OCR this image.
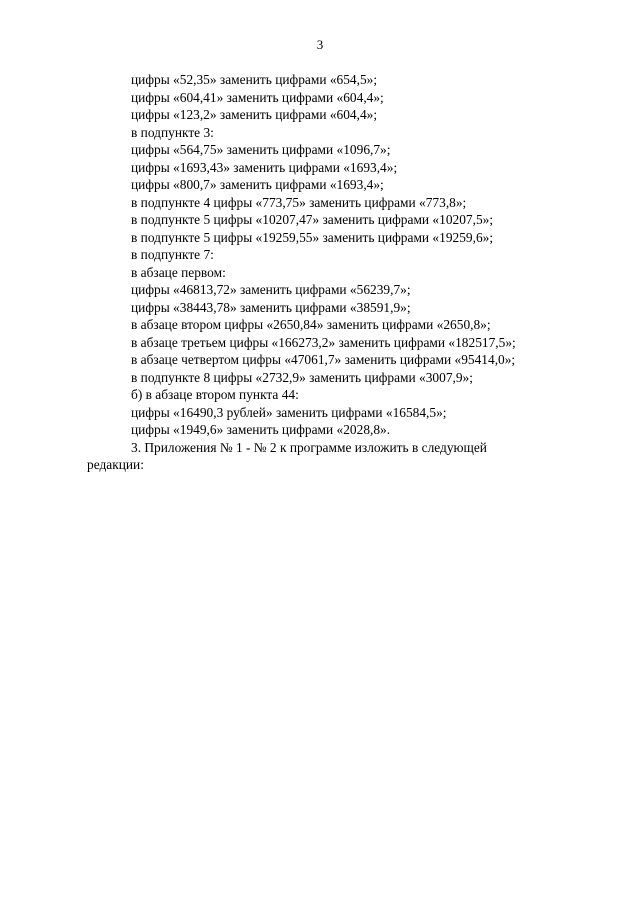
3
цифры «52,35» заменить цифрами «654,5»;
цифры «604,41» заменить цифрами «604,4»;
цифры «123,2» заменить цифрами «604,4»;
в подпункте 3:
цифры «564,75» заменить цифрами «1096,7»;
цифры «1693,43» заменить цифрами «1693,4»;
цифры «800,7» заменить цифрами «1693,4»;
в подпункте 4 цифры «773,75» заменить цифрами «773,8»;
в подпункте 5 цифры «10207,47» заменить цифрами «10207,5»;
в подпункте 5 цифры «19259,55» заменить цифрами «19259,6»;
в подпункте 7:
в абзаце первом:
цифры «46813,72» заменить цифрами «56239,7»;
цифры «38443,78» заменить цифрами «38591,9»;
в абзаце втором цифры «2650,84» заменить цифрами «2650,8»;
в абзаце третьем цифры «166273,2» заменить цифрами «182517,5»;
в абзаце четвертом цифры «47061,7» заменить цифрами «95414,0»;
в подпункте 8 цифры «2732,9» заменить цифрами «3007,9»;
б) в абзаце втором пункта 44:
цифры «16490,3 рублей» заменить цифрами «16584,5»;
цифры «1949,6» заменить цифрами «2028,8».
3. Приложения № 1 - № 2 к программе изложить в следующей
редакции:
